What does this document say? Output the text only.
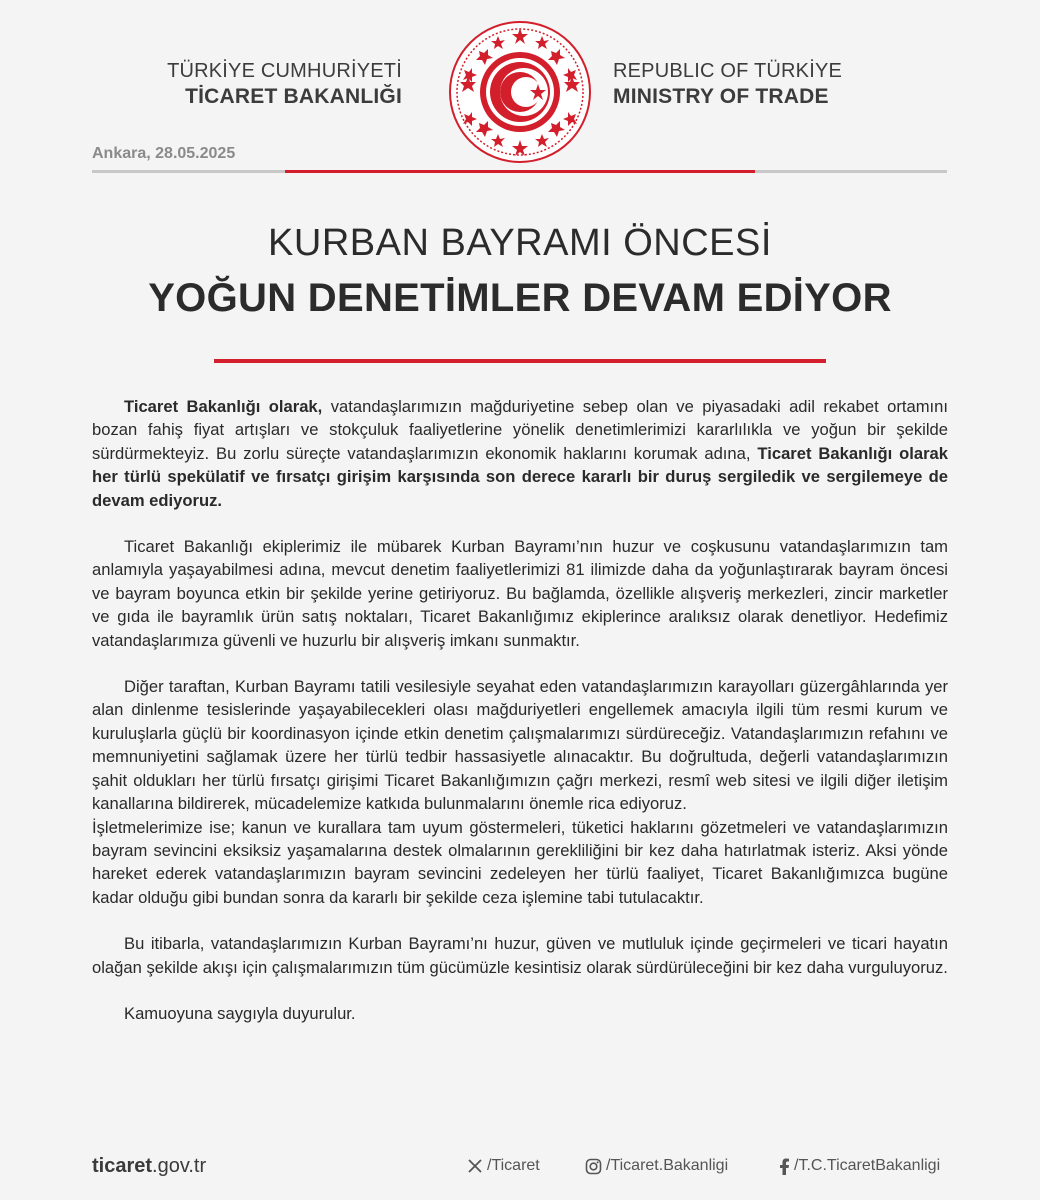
TÜRKİYE CUMHURİYETİ
TİCARET BAKANLIĞI
REPUBLIC OF TÜRKİYE
MINISTRY OF TRADE
Ankara, 28.05.2025
KURBAN BAYRAMI ÖNCESİ
YOĞUN DENETİMLER DEVAM EDİYOR

Ticaret Bakanlığı olarak, vatandaşlarımızın mağduriyetine sebep olan ve piyasadaki adil rekabet ortamını bozan fahiş fiyat artışları ve stokçuluk faaliyetlerine yönelik denetimlerimizi kararlılıkla ve yoğun bir şekilde sürdürmekteyiz. Bu zorlu süreçte vatandaşlarımızın ekonomik haklarını korumak adına, Ticaret Bakanlığı olarak her türlü spekülatif ve fırsatçı girişim karşısında son derece kararlı bir duruş sergiledik ve sergilemeye de devam ediyoruz.

Ticaret Bakanlığı ekiplerimiz ile mübarek Kurban Bayramı’nın huzur ve coşkusunu vatandaşlarımızın tam anlamıyla yaşayabilmesi adına, mevcut denetim faaliyetlerimizi 81 ilimizde daha da yoğunlaştırarak bayram öncesi ve bayram boyunca etkin bir şekilde yerine getiriyoruz. Bu bağlamda, özellikle alışveriş merkezleri, zincir marketler ve gıda ile bayramlık ürün satış noktaları, Ticaret Bakanlığımız ekiplerince aralıksız olarak denetliyor. Hedefimiz vatandaşlarımıza güvenli ve huzurlu bir alışveriş imkanı sunmaktır.

Diğer taraftan, Kurban Bayramı tatili vesilesiyle seyahat eden vatandaşlarımızın karayolları güzergâhlarında yer alan dinlenme tesislerinde yaşayabilecekleri olası mağduriyetleri engellemek amacıyla ilgili tüm resmi kurum ve kuruluşlarla güçlü bir koordinasyon içinde etkin denetim çalışmalarımızı sürdüreceğiz. Vatandaşlarımızın refahını ve memnuniyetini sağlamak üzere her türlü tedbir hassasiyetle alınacaktır. Bu doğrultuda, değerli vatandaşlarımızın şahit oldukları her türlü fırsatçı girişimi Ticaret Bakanlığımızın çağrı merkezi, resmî web sitesi ve ilgili diğer iletişim kanallarına bildirerek, mücadelemize katkıda bulunmalarını önemle rica ediyoruz.

İşletmelerimize ise; kanun ve kurallara tam uyum göstermeleri, tüketici haklarını gözetmeleri ve vatandaşlarımızın bayram sevincini eksiksiz yaşamalarına destek olmalarının gerekliliğini bir kez daha hatırlatmak isteriz. Aksi yönde hareket ederek vatandaşlarımızın bayram sevincini zedeleyen her türlü faaliyet, Ticaret Bakanlığımızca bugüne kadar olduğu gibi bundan sonra da kararlı bir şekilde ceza işlemine tabi tutulacaktır.

Bu itibarla, vatandaşlarımızın Kurban Bayramı’nı huzur, güven ve mutluluk içinde geçirmeleri ve ticari hayatın olağan şekilde akışı için çalışmalarımızın tüm gücümüzle kesintisiz olarak sürdürüleceğini bir kez daha vurguluyoruz.

Kamuoyuna saygıyla duyurulur.

ticaret.gov.tr	/Ticaret	/Ticaret.Bakanligi	/T.C.TicaretBakanligi
